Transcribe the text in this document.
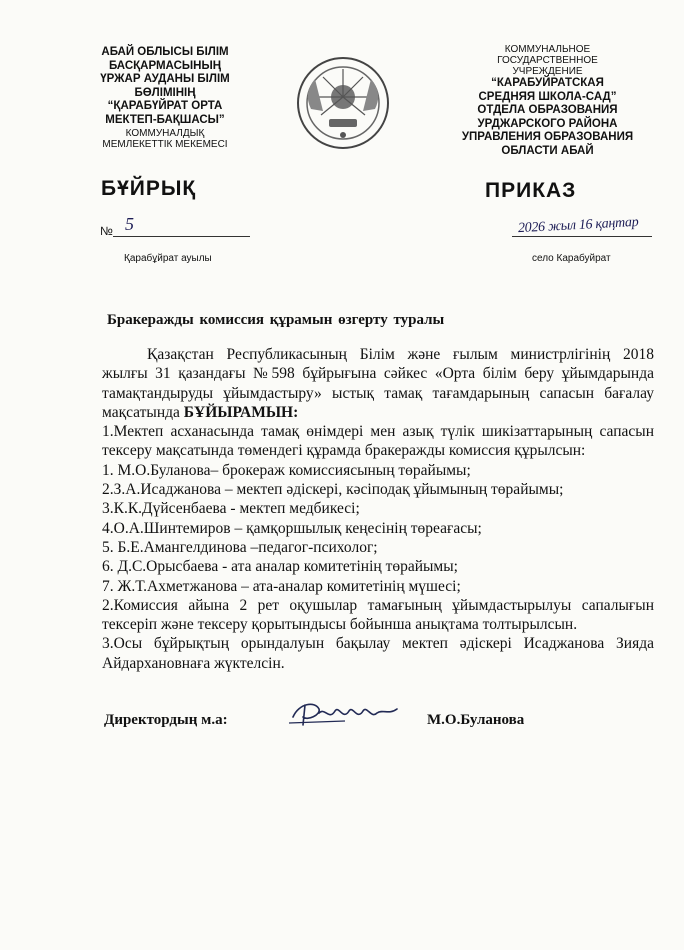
АБАЙ ОБЛЫСЫ БІЛІМ
БАСҚАРМАСЫНЫҢ
ҮРЖАР АУДАНЫ БІЛІМ
БӨЛІМІНІҢ
“ҚАРАБҮЙРАТ ОРТА
МЕКТЕП-БАҚШАСЫ”
КОММУНАЛДЫҚ
МЕМЛЕКЕТТІК МЕКЕМЕСІ
КОММУНАЛЬНОЕ
ГОСУДАРСТВЕННОЕ
УЧРЕЖДЕНИЕ
“КАРАБУЙРАТСКАЯ
СРЕДНЯЯ ШКОЛА-САД”
ОТДЕЛА ОБРАЗОВАНИЯ
УРДЖАРСКОГО РАЙОНА
УПРАВЛЕНИЯ ОБРАЗОВАНИЯ
ОБЛАСТИ АБАЙ
БҰЙРЫҚ	ПРИКАЗ
№ 5	2026 жыл 16 қаңтар
Қарабұйрат ауылы	село Карабуйрат
Бракеражды комиссия құрамын өзгерту туралы

Қазақстан Республикасының Білім және ғылым министрлігінің 2018

жылғы 31 қазандағы №598 бұйрығына сәйкес «Орта білім беру ұйымдарында

тамақтандыруды ұйымдастыру» ыстық тамақ тағамдарының сапасын бағалау

мақсатында БҰЙЫРАМЫН:

1.Мектеп асханасында тамақ өнімдері мен азық түлік шикізаттарының сапасын

тексеру мақсатында төмендегі құрамда бракеражды комиссия құрылсын:

1. М.О.Буланова– брокераж комиссиясының төрайымы;

2.З.А.Исаджанова – мектеп әдіскері, кәсіподақ ұйымының төрайымы;

3.К.К.Дүйсенбаева - мектеп медбикесі;

4.О.А.Шинтемиров – қамқоршылық кеңесінің төреағасы;

5. Б.Е.Амангелдинова –педагог-психолог;

6. Д.С.Орысбаева - ата аналар комитетінің төрайымы;

7. Ж.Т.Ахметжанова – ата-аналар комитетінің мүшесі;

2.Комиссия айына 2 рет оқушылар тамағының ұйымдастырылуы сапалығын

тексеріп және тексеру қорытындысы бойынша анықтама толтырылсын.

3.Осы бұйрықтың орындалуын бақылау мектеп әдіскері Исаджанова Зияда

Айдархановнаға жүктелсін.

Директордың м.а:	М.О.Буланова
